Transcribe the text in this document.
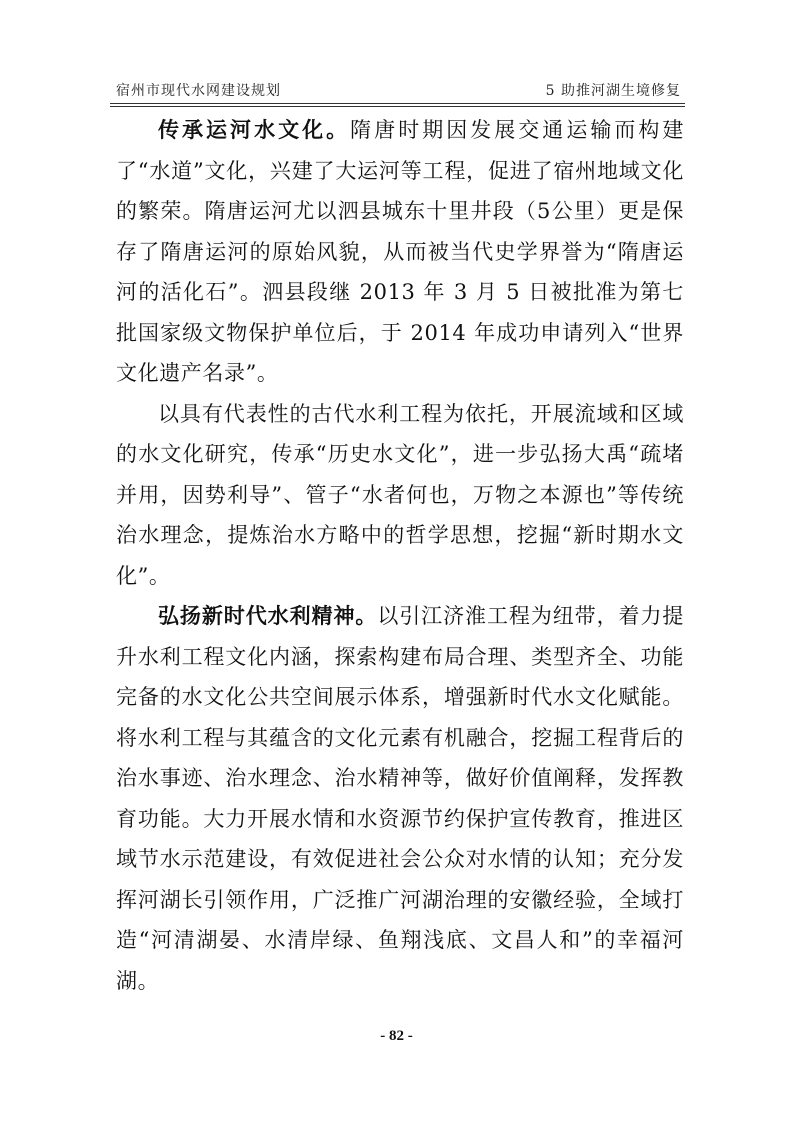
宿州市现代水网建设规划	5 助推河湖生境修复

传承运河水文化。隋唐时期因发展交通运输而构建了“水道”文化，兴建了大运河等工程，促进了宿州地域文化的繁荣。隋唐运河尤以泗县城东十里井段（5公里）更是保存了隋唐运河的原始风貌，从而被当代史学界誉为“隋唐运河的活化石”。泗县段继 2013 年 3 月 5 日被批准为第七批国家级文物保护单位后，于 2014 年成功申请列入“世界文化遗产名录”。

以具有代表性的古代水利工程为依托，开展流域和区域的水文化研究，传承“历史水文化”，进一步弘扬大禹“疏堵并用，因势利导”、管子“水者何也，万物之本源也”等传统治水理念，提炼治水方略中的哲学思想，挖掘“新时期水文化”。

弘扬新时代水利精神。以引江济淮工程为纽带，着力提升水利工程文化内涵，探索构建布局合理、类型齐全、功能完备的水文化公共空间展示体系，增强新时代水文化赋能。将水利工程与其蕴含的文化元素有机融合，挖掘工程背后的治水事迹、治水理念、治水精神等，做好价值阐释，发挥教育功能。大力开展水情和水资源节约保护宣传教育，推进区域节水示范建设，有效促进社会公众对水情的认知；充分发挥河湖长引领作用，广泛推广河湖治理的安徽经验，全域打造“河清湖晏、水清岸绿、鱼翔浅底、文昌人和”的幸福河湖。

- 82 -
